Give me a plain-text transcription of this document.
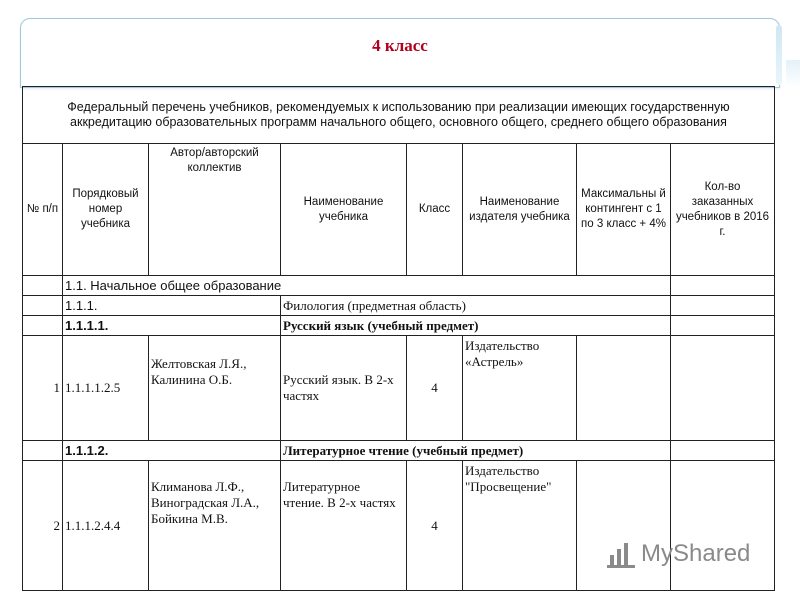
4 класс
Федеральный перечень учебников, рекомендуемых к использованию при реализации имеющих государственную аккредитацию образовательных программ начального общего, основного общего, среднего общего образования							
№ п/п	Порядковый номер учебника	Автор/авторский коллектив	Наименование учебника	Класс	Наименование издателя учебника	Максимальны й контингент с 1 по 3 класс + 4%	Кол-во заказанных учебников в 2016 г.
	1.1. Начальное общее образование						
	1.1.1.		Филология (предметная область)				
	1.1.1.1.		Русский язык (учебный предмет)				
1	1.1.1.1.2.5	Желтовская Л.Я., Калинина О.Б.	Русский язык. В 2-х частях	4	Издательство «Астрель»		
	1.1.1.2.		Литературное чтение (учебный предмет)				
2	1.1.1.2.4.4	Климанова Л.Ф., Виноградская Л.А., Бойкина М.В.	Литературное чтение. В 2-х частях	4	Издательство "Просвещение"		
MyShared
